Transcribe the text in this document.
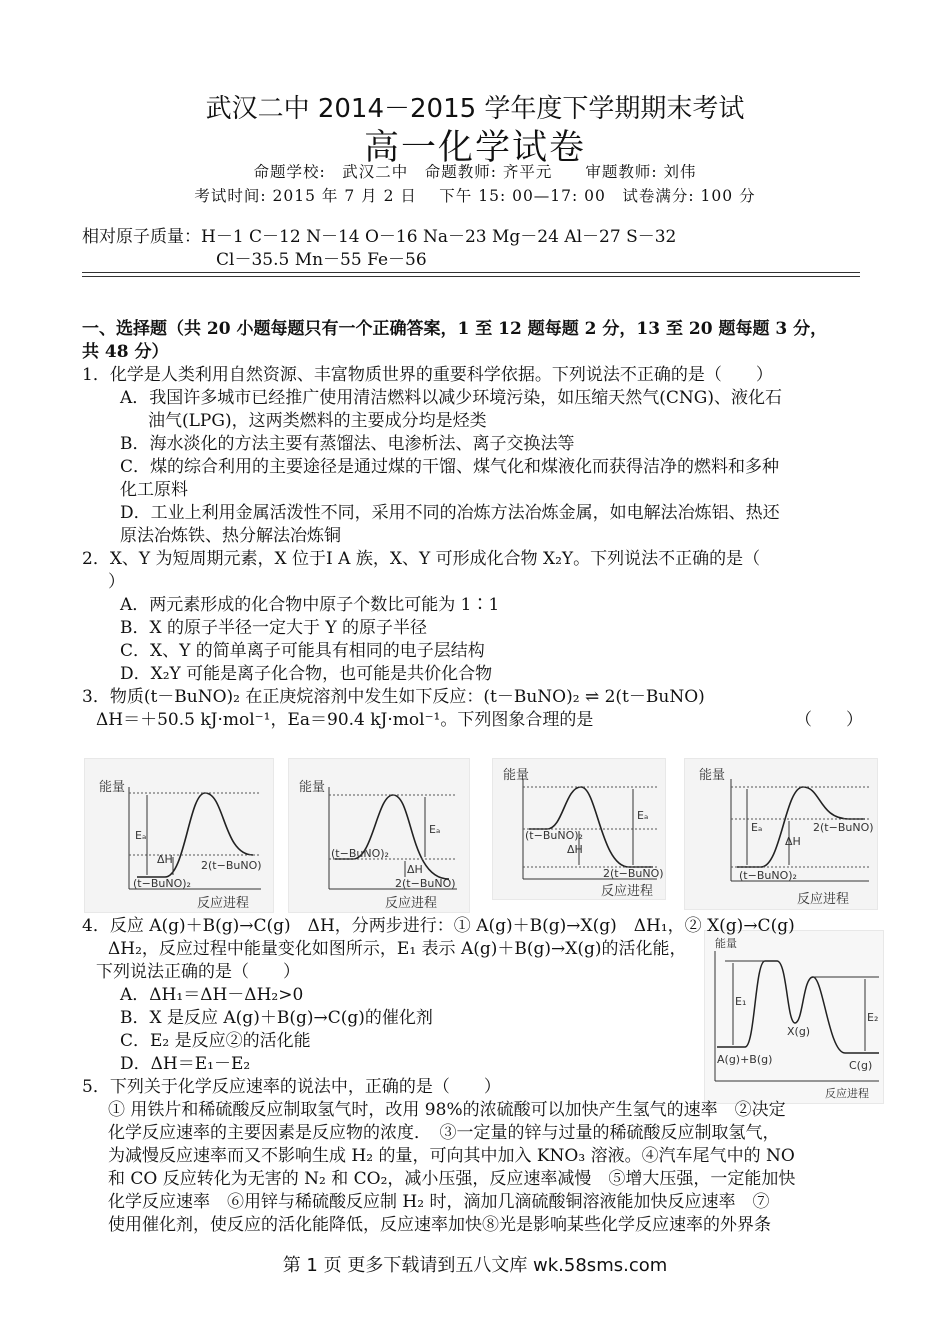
武汉二中 2014－2015 学年度下学期期末考试
高一化学试卷
命题学校:　武汉二中　命题教师: 齐平元　　审题教师: 刘伟
考试时间: 2015 年 7 月 2 日　 下午 15: 00—17: 00　试卷满分: 100 分
相对原子质量：H－1 C－12 N－14 O－16 Na－23 Mg－24 Al－27 S－32
Cl－35.5 Mn－55 Fe－56
一、选择题（共 20 小题每题只有一个正确答案，1 至 12 题每题 2 分，13 至 20 题每题 3 分，
共 48 分）
1．化学是人类利用自然资源、丰富物质世界的重要科学依据。下列说法不正确的是（　　）
A．我国许多城市已经推广使用清洁燃料以减少环境污染，如压缩天然气(CNG)、液化石
油气(LPG)，这两类燃料的主要成分均是烃类
B．海水淡化的方法主要有蒸馏法、电渗析法、离子交换法等
C．煤的综合利用的主要途径是通过煤的干馏、煤气化和煤液化而获得洁净的燃料和多种
化工原料
D．工业上利用金属活泼性不同，采用不同的冶炼方法冶炼金属，如电解法冶炼铝、热还
原法冶炼铁、热分解法冶炼铜
2．X、Y 为短周期元素，X 位于Ⅰ A 族，X、Y 可形成化合物 X₂Y。下列说法不正确的是（
）
A．两元素形成的化合物中原子个数比可能为 1∶1
B．X 的原子半径一定大于 Y 的原子半径
C．X、Y 的简单离子可能具有相同的电子层结构
D．X₂Y 可能是离子化合物，也可能是共价化合物
3．物质(t－BuNO)₂ 在正庚烷溶剂中发生如下反应：(t－BuNO)₂ ⇌ 2(t－BuNO)
ΔH＝＋50.5 kJ·mol⁻¹，Ea＝90.4 kJ·mol⁻¹。下列图象合理的是	（　　）
能量
Eₐ
ΔH	2(t−BuNO)
(t−BuNO)₂
反应进程
能量
Eₐ
ΔH
(t−BuNO)₂
2(t−BuNO)
反应进程
能量
Eₐ
ΔH
(t−BuNO)₂
2(t−BuNO)
反应进程
能量
Eₐ
ΔH
2(t−BuNO)
(t−BuNO)₂
反应进程
能量
E₁
E₂
A(g)+B(g)
X(g)
C(g)
反应进程
4．反应 A(g)＋B(g)→C(g)　ΔH，分两步进行：① A(g)＋B(g)→X(g)　ΔH₁，② X(g)→C(g)
ΔH₂，反应过程中能量变化如图所示，E₁ 表示 A(g)＋B(g)→X(g)的活化能，
下列说法正确的是（　　）
A．ΔH₁＝ΔH－ΔH₂>0
B．X 是反应 A(g)＋B(g)→C(g)的催化剂
C．E₂ 是反应②的活化能
D．ΔH＝E₁－E₂
5．下列关于化学反应速率的说法中，正确的是（　　）
① 用铁片和稀硫酸反应制取氢气时，改用 98%的浓硫酸可以加快产生氢气的速率　②决定
化学反应速率的主要因素是反应物的浓度．　③一定量的锌与过量的稀硫酸反应制取氢气，
为减慢反应速率而又不影响生成 H₂ 的量，可向其中加入 KNO₃ 溶液。④汽车尾气中的 NO
和 CO 反应转化为无害的 N₂ 和 CO₂，减小压强，反应速率减慢　⑤增大压强，一定能加快
化学反应速率　⑥用锌与稀硫酸反应制 H₂ 时，滴加几滴硫酸铜溶液能加快反应速率　⑦
使用催化剂，使反应的活化能降低，反应速率加快⑧光是影响某些化学反应速率的外界条
第 1 页 更多下载请到五八文库 wk.58sms.com
